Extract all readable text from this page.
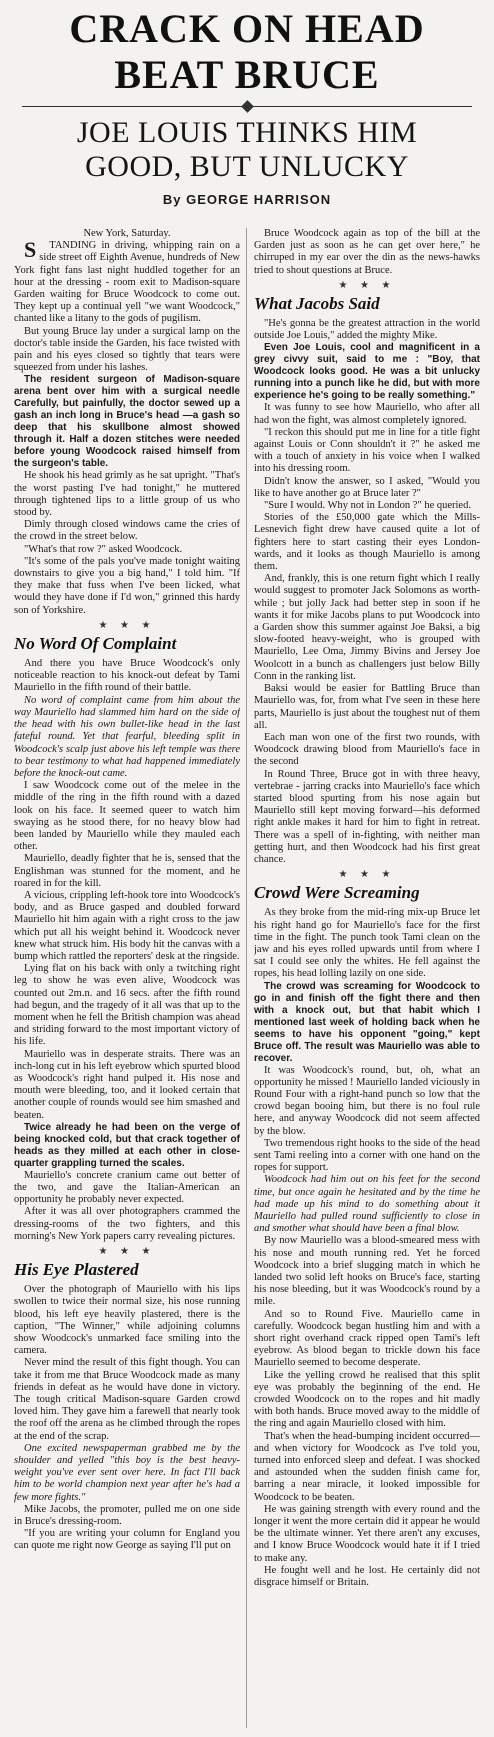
CRACK ON HEAD
BEAT BRUCE
JOE LOUIS THINKS HIM
GOOD, BUT UNLUCKY
By GEORGE HARRISON

New York, Saturday.

S TANDING in driving, whipping rain on a side street off Eighth Avenue, hundreds of New York fight fans last night huddled together for an hour at the dressing - room exit to Madison-square Garden waiting for Bruce Woodcock to come out. They kept up a continual yell "we want Woodcock," chanted like a litany to the gods of pugilism.

But young Bruce lay under a surgical lamp on the doctor's table inside the Garden, his face twisted with pain and his eyes closed so tightly that tears were squeezed from under his lashes.

The resident surgeon of Madison-square arena bent over him with a surgical needle Carefully, but painfully, the doctor sewed up a gash an inch long in Bruce's head —a gash so deep that his skullbone almost showed through it. Half a dozen stitches were needed before young Woodcock raised himself from the surgeon's table.

He shook his head grimly as he sat upright. "That's the worst pasting I've had tonight," he muttered through tightened lips to a little group of us who stood by.

Dimly through closed windows came the cries of the crowd in the street below.

"What's that row ?" asked Woodcock.

"It's some of the pals you've made tonight waiting downstairs to give you a big hand," I told him. "If they make that fuss when I've been licked, what would they have done if I'd won," grinned this hardy son of Yorkshire.

★ ★ ★
No Word Of Complaint

And there you have Bruce Woodcock's only noticeable reaction to his knock-out defeat by Tami Mauriello in the fifth round of their battle.

No word of complaint came from him about the way Mauriello had slammed him hard on the side of the head with his own bullet-like head in the last fateful round. Yet that fearful, bleeding split in Woodcock's scalp just above his left temple was there to bear testimony to what had happened immediately before the knock-out came.

I saw Woodcock come out of the melee in the middle of the ring in the fifth round with a dazed look on his face. It seemed queer to watch him swaying as he stood there, for no heavy blow had been landed by Mauriello while they mauled each other.

Mauriello, deadly fighter that he is, sensed that the Englishman was stunned for the moment, and he roared in for the kill.

A vicious, crippling left-hook tore into Woodcock's body, and as Bruce gasped and doubled forward Mauriello hit him again with a right cross to the jaw which put all his weight behind it. Woodcock never knew what struck him. His body hit the canvas with a bump which rattled the reporters' desk at the ringside.

Lying flat on his back with only a twitching right leg to show he was even alive, Woodcock was counted out 2m.n. and 16 secs. after the fifth round had begun, and the tragedy of it all was that up to the moment when he fell the British champion was ahead and striding forward to the most important victory of his life.

Mauriello was in desperate straits. There was an inch-long cut in his left eyebrow which spurted blood as Woodcock's right hand pulped it. His nose and mouth were bleeding, too, and it looked certain that another couple of rounds would see him smashed and beaten.

Twice already he had been on the verge of being knocked cold, but that crack together of heads as they milled at each other in close-quarter grappling turned the scales.

Mauriello's concrete cranium came out better of the two, and gave the Italian-American an opportunity he probably never expected.

After it was all over photographers crammed the dressing-rooms of the two fighters, and this morning's New York papers carry revealing pictures.

★ ★ ★
His Eye Plastered

Over the photograph of Mauriello with his lips swollen to twice their normal size, his nose running blood, his left eye heavily plastered, there is the caption, "The Winner," while adjoining columns show Woodcock's unmarked face smiling into the camera.

Never mind the result of this fight though. You can take it from me that Bruce Woodcock made as many friends in defeat as he would have done in victory. The tough critical Madison-square Garden crowd loved him. They gave him a farewell that nearly took the roof off the arena as he climbed through the ropes at the end of the scrap.

One excited newspaperman grabbed me by the shoulder and yelled "this boy is the best heavy-weight you've ever sent over here. In fact I'll back him to be world champion next year after he's had a few more fights."

Mike Jacobs, the promoter, pulled me on one side in Bruce's dressing-room.

"If you are writing your column for England you can quote me right now George as saying I'll put on

Bruce Woodcock again as top of the bill at the Garden just as soon as he can get over here," he chirruped in my ear over the din as the news-hawks tried to shout questions at Bruce.

★ ★ ★
What Jacobs Said

"He's gonna be the greatest attraction in the world outside Joe Louis," added the mighty Mike.

Even Joe Louis, cool and magnificent in a grey civvy suit, said to me : "Boy, that Woodcock looks good. He was a bit unlucky running into a punch like he did, but with more experience he's going to be really something."

It was funny to see how Mauriello, who after all had won the fight, was almost completely ignored.

"I reckon this should put me in line for a title fight against Louis or Conn shouldn't it ?" he asked me with a touch of anxiety in his voice when I walked into his dressing room.

Didn't know the answer, so I asked, "Would you like to have another go at Bruce later ?"

"Sure I would. Why not in London ?" he queried.

Stories of the £50,000 gate which the Mills-Lesnevich fight drew have caused quite a lot of fighters here to start casting their eyes London-wards, and it looks as though Mauriello is among them.

And, frankly, this is one return fight which I really would suggest to promoter Jack Solomons as worth-while ; but jolly Jack had better step in soon if he wants it for mike Jacobs plans to put Woodcock into a Garden show this summer against Joe Baksi, a big slow-footed heavy-weight, who is grouped with Mauriello, Lee Oma, Jimmy Bivins and Jersey Joe Woolcott in a bunch as challengers just below Billy Conn in the ranking list.

Baksi would be easier for Battling Bruce than Mauriello was, for, from what I've seen in these here parts, Mauriello is just about the toughest nut of them all.

Each man won one of the first two rounds, with Woodcock drawing blood from Mauriello's face in the second

In Round Three, Bruce got in with three heavy, vertebrae - jarring cracks into Mauriello's face which started blood spurting from his nose again but Mauriello still kept moving forward—his deformed right ankle makes it hard for him to fight in retreat. There was a spell of in-fighting, with neither man getting hurt, and then Woodcock had his first great chance.

★ ★ ★
Crowd Were Screaming

As they broke from the mid-ring mix-up Bruce let his right hand go for Mauriello's face for the first time in the fight. The punch took Tami clean on the jaw and his eyes rolled upwards until from where I sat I could see only the whites. He fell against the ropes, his head lolling lazily on one side.

The crowd was screaming for Woodcock to go in and finish off the fight there and then with a knock out, but that habit which I mentioned last week of holding back when he seems to have his opponent "going," kept Bruce off. The result was Mauriello was able to recover.

It was Woodcock's round, but, oh, what an opportunity he missed ! Mauriello landed viciously in Round Four with a right-hand punch so low that the crowd began booing him, but there is no foul rule here, and anyway Woodcock did not seem affected by the blow.

Two tremendous right hooks to the side of the head sent Tami reeling into a corner with one hand on the ropes for support.

Woodcock had him out on his feet for the second time, but once again he hesitated and by the time he had made up his mind to do something about it Mauriello had pulled round sufficiently to close in and smother what should have been a final blow.

By now Mauriello was a blood-smeared mess with his nose and mouth running red. Yet he forced Woodcock into a brief slugging match in which he landed two solid left hooks on Bruce's face, starting his nose bleeding, but it was Woodcock's round by a mile.

And so to Round Five. Mauriello came in carefully. Woodcock began hustling him and with a short right overhand crack ripped open Tami's left eyebrow. As blood began to trickle down his face Mauriello seemed to become desperate.

Like the yelling crowd he realised that this split eye was probably the beginning of the end. He crowded Woodcock on to the ropes and hit madly with both hands. Bruce moved away to the middle of the ring and again Mauriello closed with him.

That's when the head-bumping incident occurred—and when victory for Woodcock as I've told you, turned into enforced sleep and defeat. I was shocked and astounded when the sudden finish came for, barring a near miracle, it looked impossible for Woodcock to be beaten.

He was gaining strength with every round and the longer it went the more certain did it appear he would be the ultimate winner. Yet there aren't any excuses, and I know Bruce Woodcock would hate it if I tried to make any.

He fought well and he lost. He certainly did not disgrace himself or Britain.
